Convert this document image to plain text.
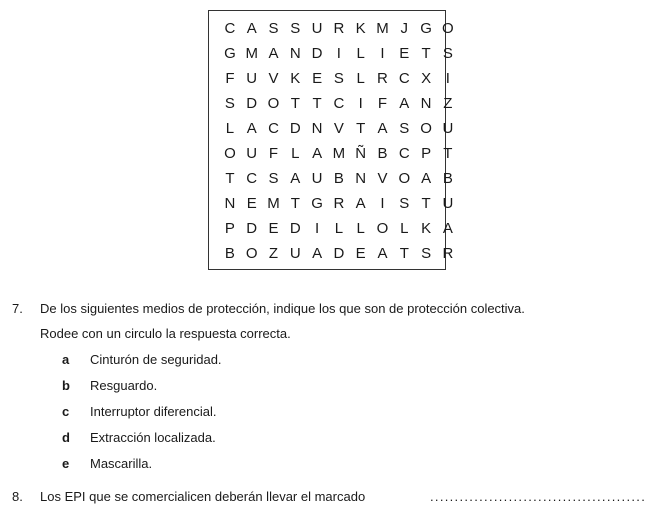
C A S S U R K M J G O
G M A N D I	L	I E T S
F U V K E S L R C X I
S D O T T C I	F A N Z
L A C D N V T A S O U
O U F L A M Ñ B C P T
T C S A U B N V O A B
N E M T G R A I S T U
P D E D I	L L O L K A
B O Z U A D E A T S R
7. De los siguientes medios de protección, indique los que son de protección colectiva.
Rodee con un circulo la respuesta correcta.
a Cinturón de seguridad.
b Resguardo.
c Interruptor diferencial.
d Extracción localizada.
e Mascarilla.
8. Los EPI que se comercialicen deberán llevar el marcado	............................................
